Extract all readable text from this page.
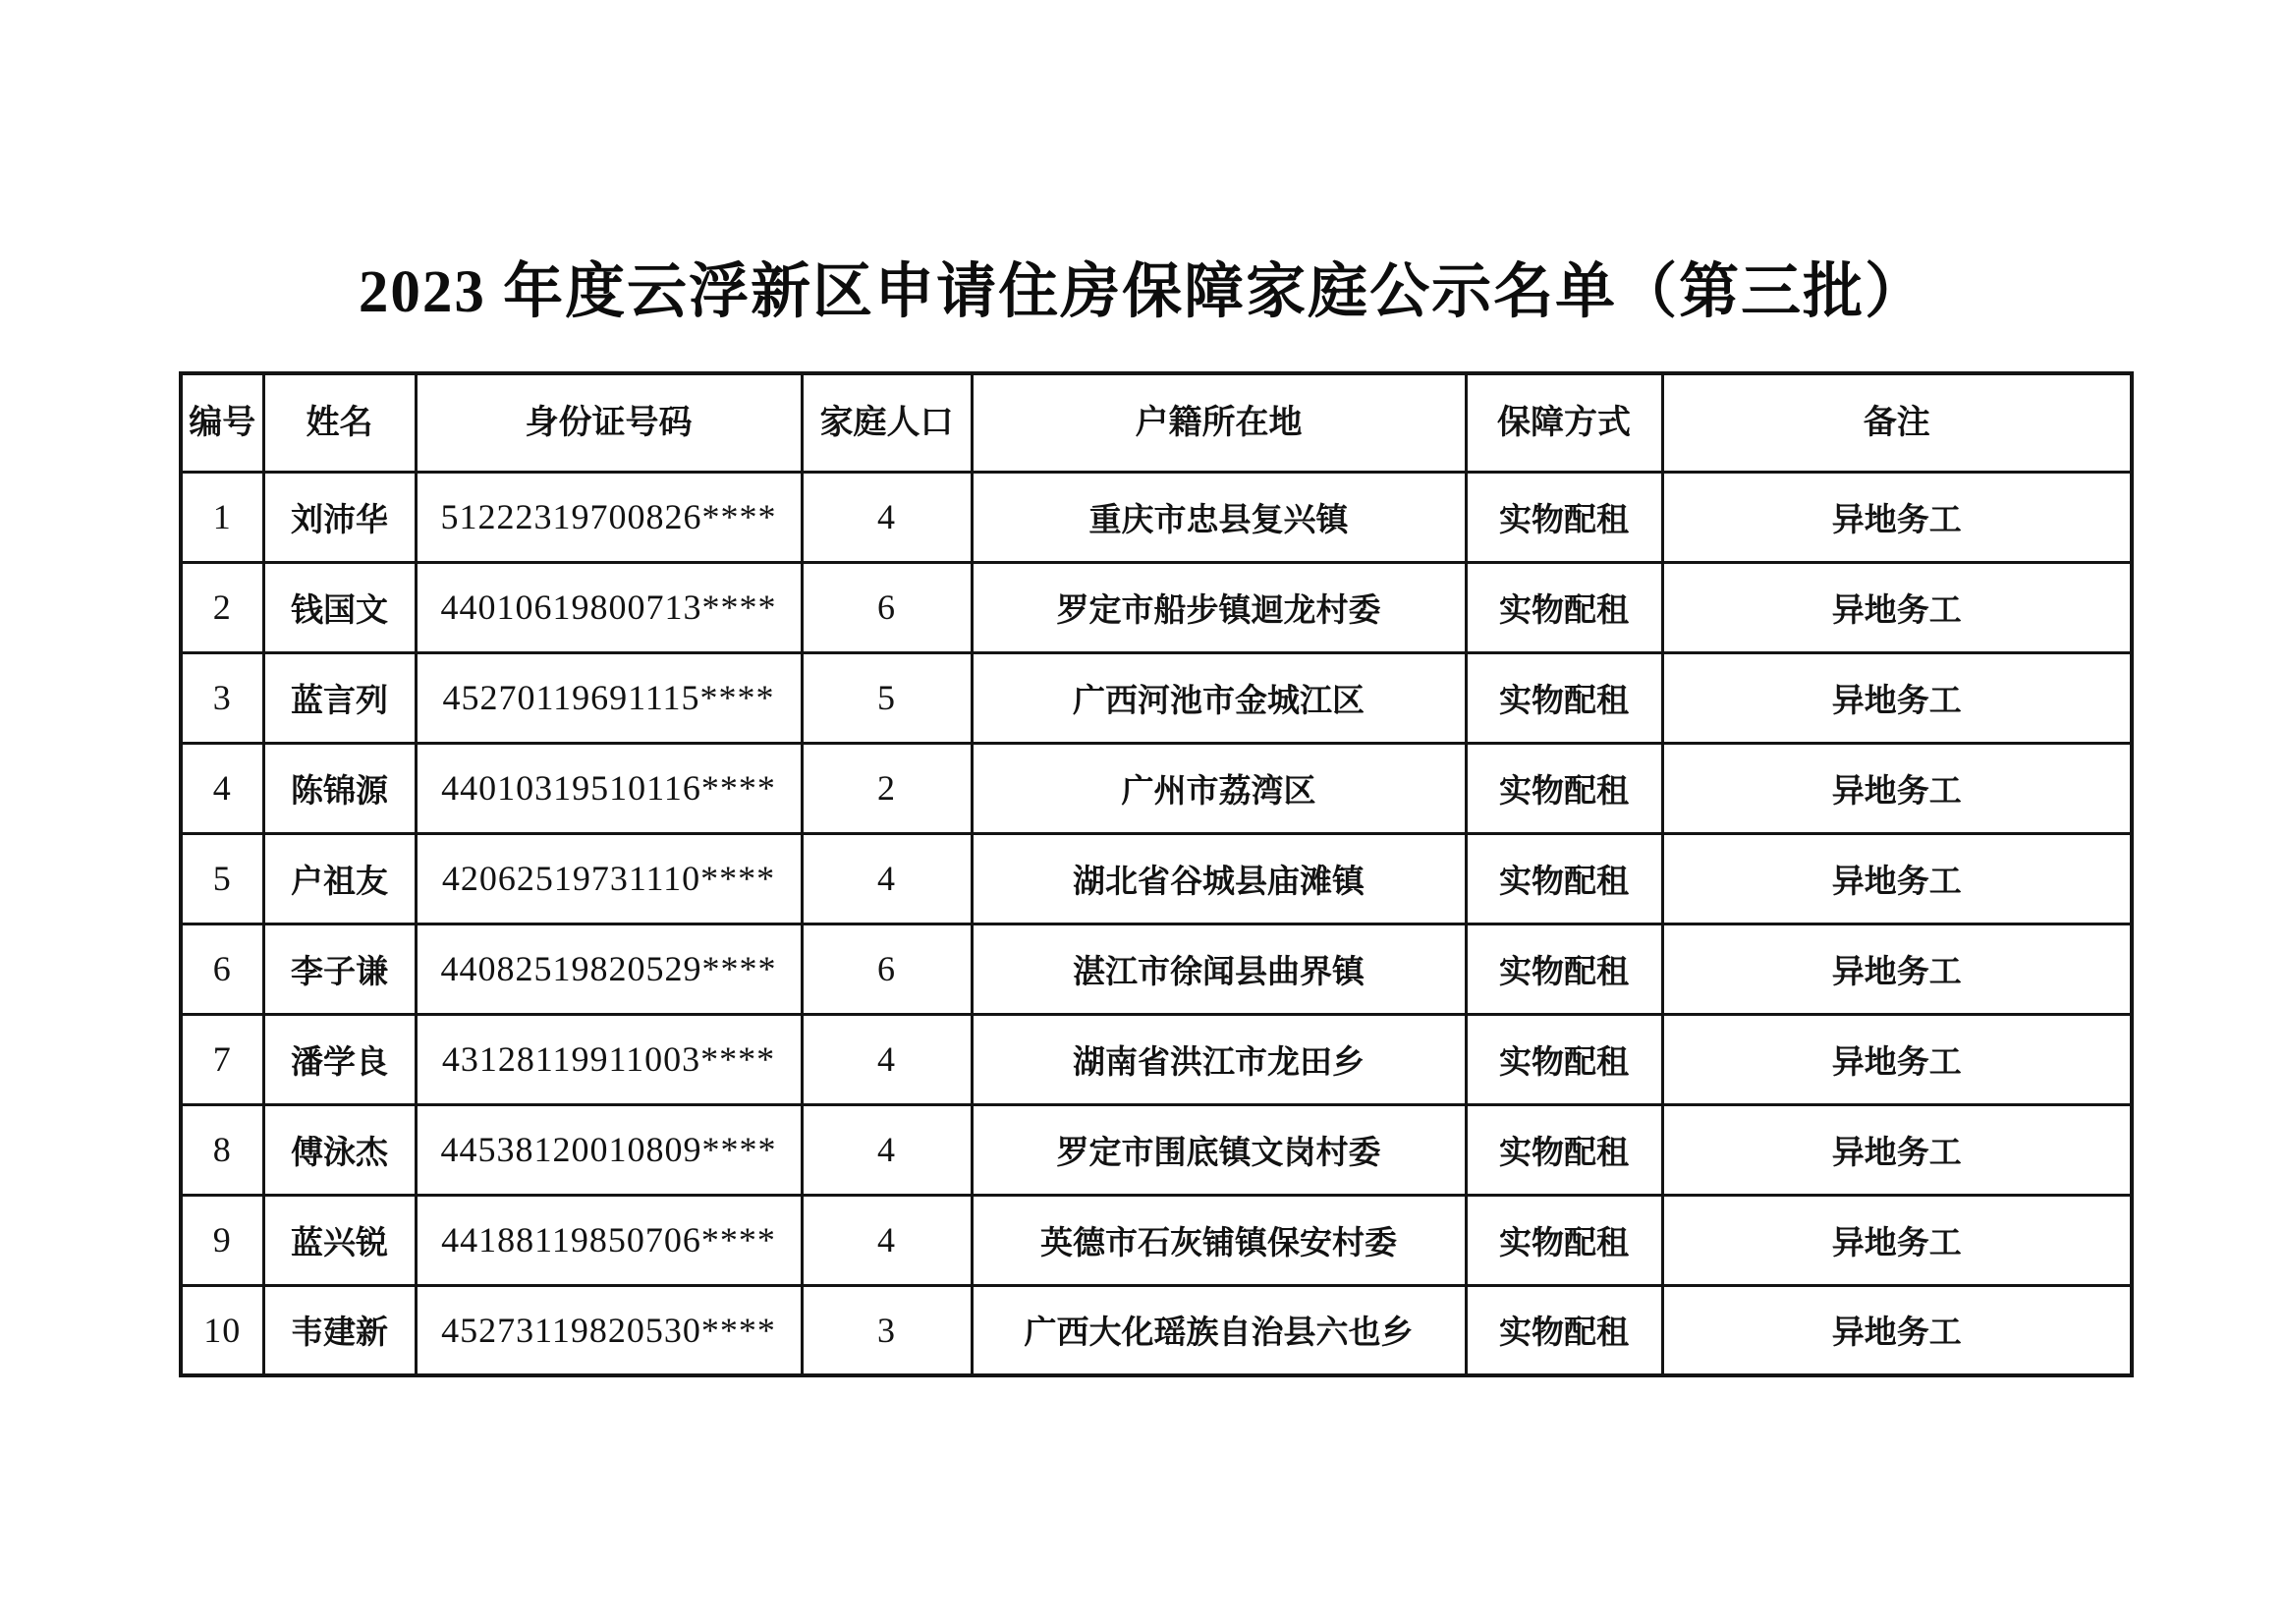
2023 年度云浮新区申请住房保障家庭公示名单（第三批）
编号	姓名	身份证号码	家庭人口	户籍所在地	保障方式	备注
1	刘沛华	51222319700826****	4	重庆市忠县复兴镇	实物配租	异地务工
2	钱国文	44010619800713****	6	罗定市船步镇迴龙村委	实物配租	异地务工
3	蓝言列	45270119691115****	5	广西河池市金城江区	实物配租	异地务工
4	陈锦源	44010319510116****	2	广州市荔湾区	实物配租	异地务工
5	户祖友	42062519731110****	4	湖北省谷城县庙滩镇	实物配租	异地务工
6	李子谦	44082519820529****	6	湛江市徐闻县曲界镇	实物配租	异地务工
7	潘学良	43128119911003****	4	湖南省洪江市龙田乡	实物配租	异地务工
8	傅泳杰	44538120010809****	4	罗定市围底镇文岗村委	实物配租	异地务工
9	蓝兴锐	44188119850706****	4	英德市石灰铺镇保安村委	实物配租	异地务工
10	韦建新	45273119820530****	3	广西大化瑶族自治县六也乡	实物配租	异地务工
